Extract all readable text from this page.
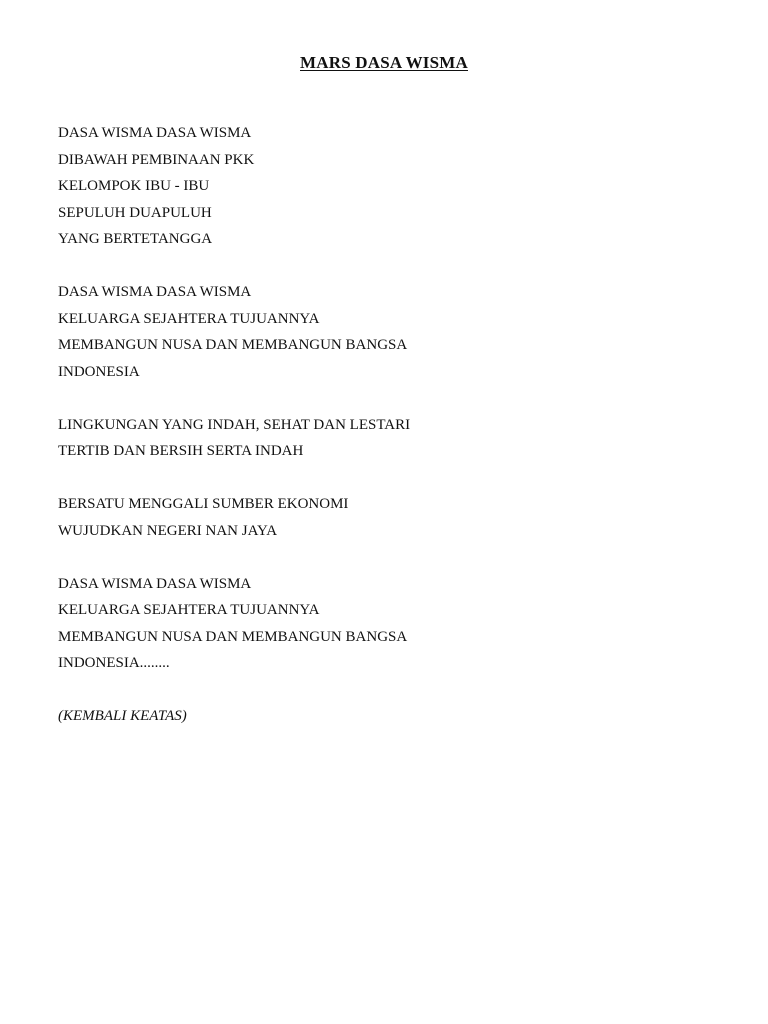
MARS DASA WISMA
DASA WISMA DASA WISMA
DIBAWAH PEMBINAAN PKK
KELOMPOK IBU - IBU
SEPULUH DUAPULUH
YANG BERTETANGGA
DASA WISMA DASA WISMA
KELUARGA SEJAHTERA TUJUANNYA
MEMBANGUN NUSA DAN MEMBANGUN BANGSA
INDONESIA
LINGKUNGAN YANG INDAH, SEHAT DAN LESTARI
TERTIB DAN BERSIH SERTA INDAH
BERSATU MENGGALI SUMBER EKONOMI
WUJUDKAN NEGERI NAN JAYA
DASA WISMA DASA WISMA
KELUARGA SEJAHTERA TUJUANNYA
MEMBANGUN NUSA DAN MEMBANGUN BANGSA
INDONESIA........
(KEMBALI KEATAS)
